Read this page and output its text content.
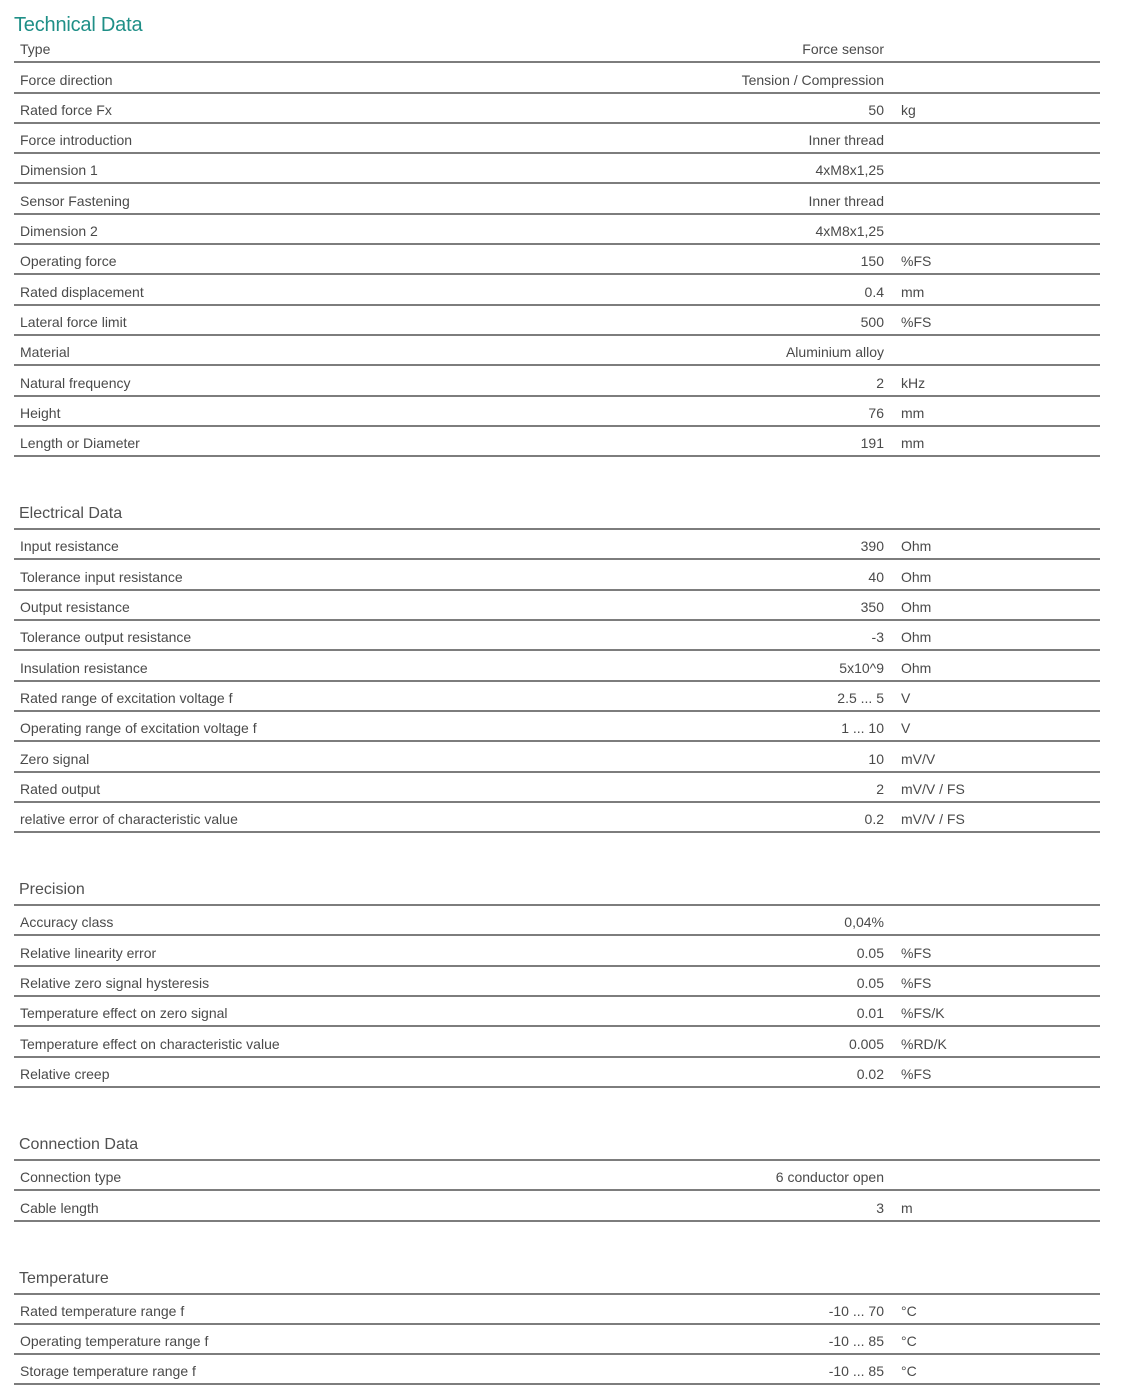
Technical Data
Type	Force sensor
Force direction	Tension / Compression
Rated force Fx	50 kg
Force introduction	Inner thread
Dimension 1	4xM8x1,25
Sensor Fastening	Inner thread
Dimension 2	4xM8x1,25
Operating force	150 %FS
Rated displacement	0.4 mm
Lateral force limit	500 %FS
Material	Aluminium alloy
Natural frequency	2 kHz
Height	76 mm
Length or Diameter	191 mm
Electrical Data
Input resistance	390 Ohm
Tolerance input resistance	40 Ohm
Output resistance	350 Ohm
Tolerance output resistance	-3 Ohm
Insulation resistance	5x10^9 Ohm
Rated range of excitation voltage f	2.5 ... 5 V
Operating range of excitation voltage f	1 ... 10 V
Zero signal	10 mV/V
Rated output	2 mV/V / FS
relative error of characteristic value	0.2 mV/V / FS
Precision
Accuracy class	0,04%
Relative linearity error	0.05 %FS
Relative zero signal hysteresis	0.05 %FS
Temperature effect on zero signal	0.01 %FS/K
Temperature effect on characteristic value	0.005 %RD/K
Relative creep	0.02 %FS
Connection Data
Connection type	6 conductor open
Cable length	3 m
Temperature
Rated temperature range f	-10 ... 70 °C
Operating temperature range f	-10 ... 85 °C
Storage temperature range f	-10 ... 85 °C
